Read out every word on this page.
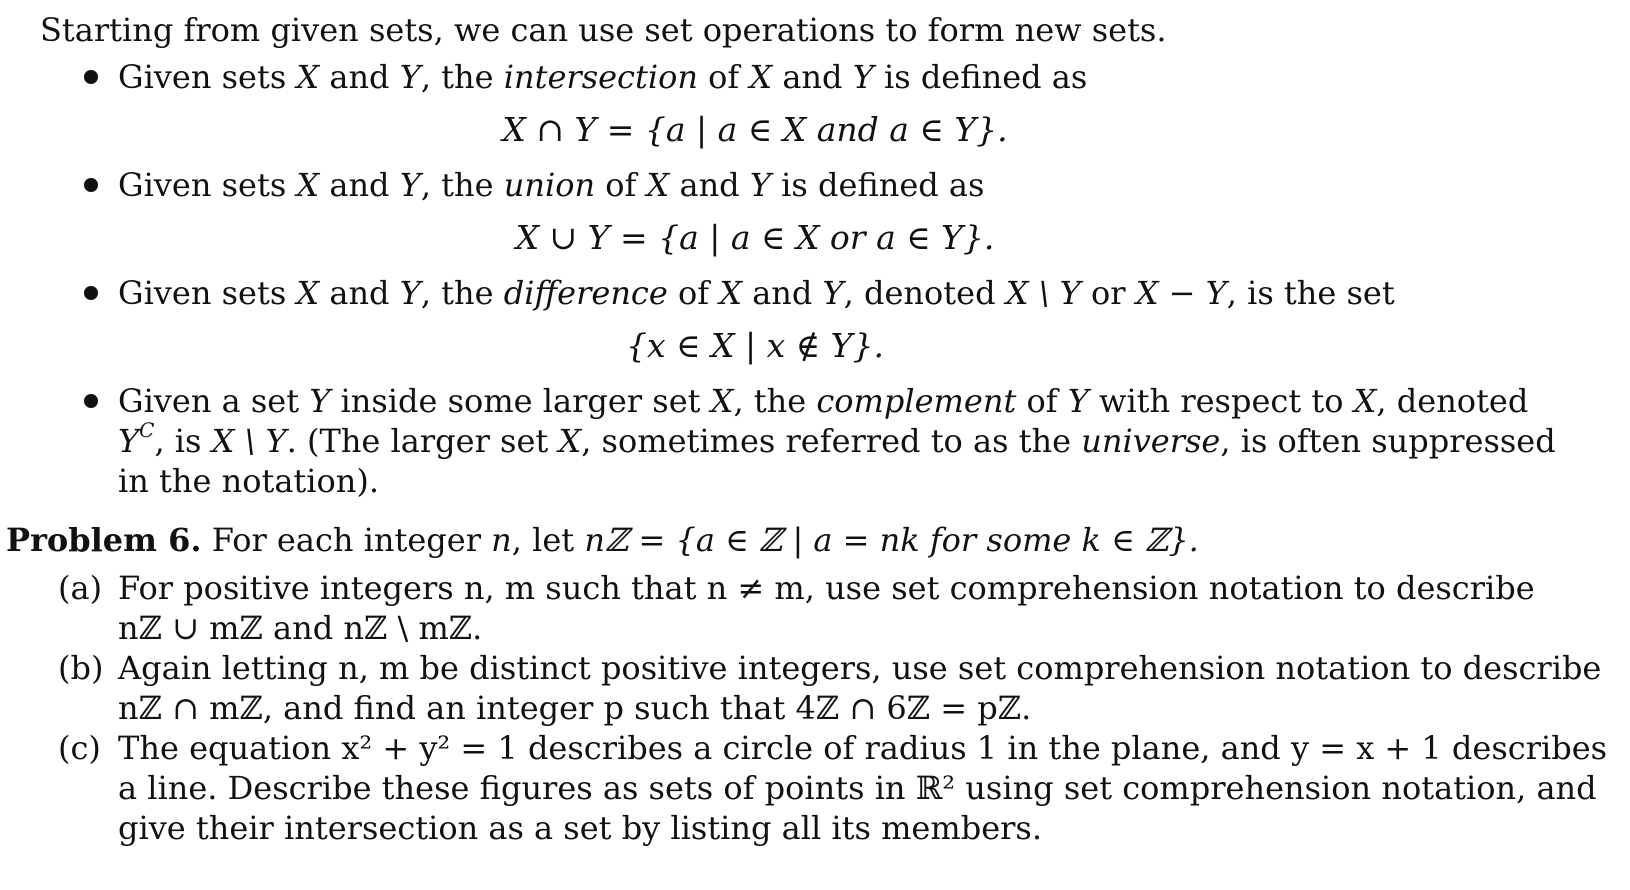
Starting from given sets, we can use set operations to form new sets.
Given sets X and Y, the intersection of X and Y is defined as
X ∩ Y = {a | a ∈ X and a ∈ Y}.
Given sets X and Y, the union of X and Y is defined as
X ∪ Y = {a | a ∈ X or a ∈ Y}.
Given sets X and Y, the difference of X and Y, denoted X \ Y or X − Y, is the set
{x ∈ X | x ∉ Y}.
Given a set Y inside some larger set X, the complement of Y with respect to X, denoted
$Y^C$, is X \ Y. (The larger set X, sometimes referred to as the universe, is often suppressed
in the notation).
Problem 6. For each integer n, let nℤ = {a ∈ ℤ | a = nk for some k ∈ ℤ}.
(a) For positive integers n, m such that n ≠ m, use set comprehension notation to describe
nℤ ∪ mℤ and nℤ \ mℤ.
(b) Again letting n, m be distinct positive integers, use set comprehension notation to describe
nℤ ∩ mℤ, and find an integer p such that 4ℤ ∩ 6ℤ = pℤ.
(c) The equation x² + y² = 1 describes a circle of radius 1 in the plane, and y = x + 1 describes
a line. Describe these figures as sets of points in ℝ² using set comprehension notation, and
give their intersection as a set by listing all its members.
